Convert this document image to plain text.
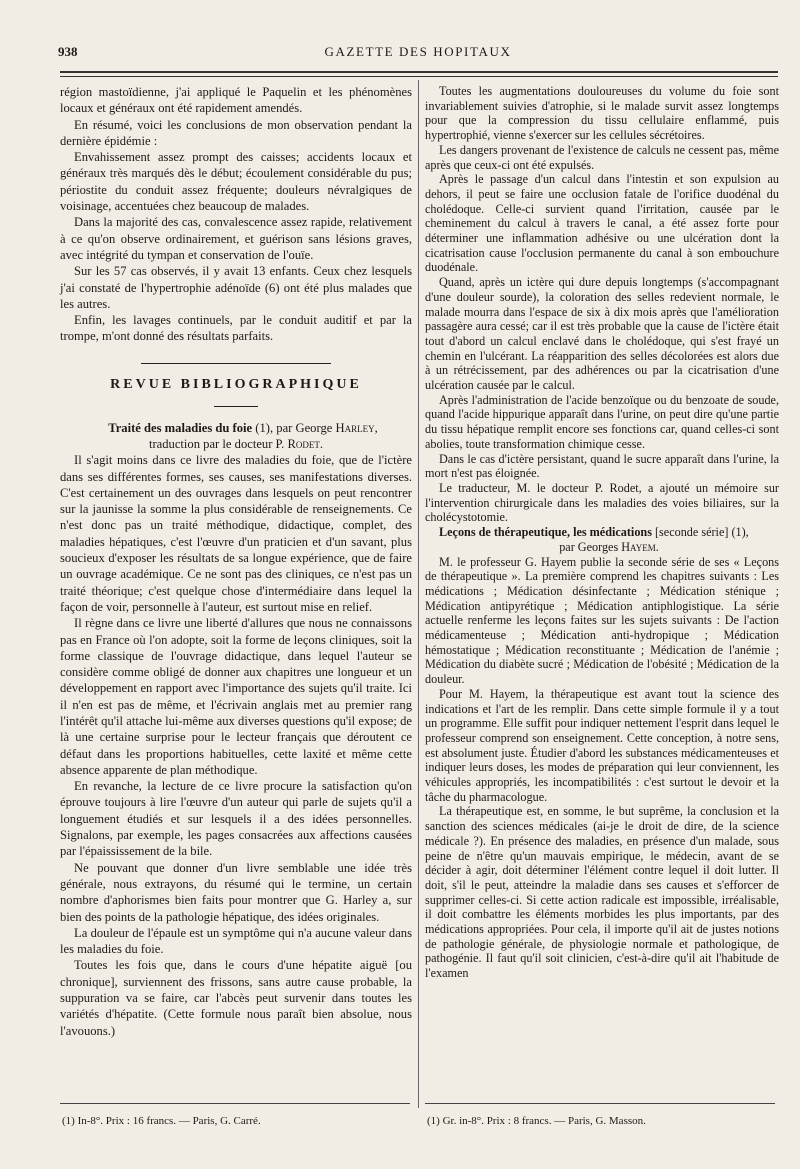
938	GAZETTE DES HOPITAUX

région mastoïdienne, j'ai appliqué le Paquelin et les phénomènes locaux et généraux ont été rapidement amendés.

En résumé, voici les conclusions de mon observation pendant la dernière épidémie :

Envahissement assez prompt des caisses; accidents locaux et généraux très marqués dès le début; écoulement considérable du pus; périostite du conduit assez fréquente; douleurs névralgiques de voisinage, accentuées chez beaucoup de malades.

Dans la majorité des cas, convalescence assez rapide, relativement à ce qu'on observe ordinairement, et guérison sans lésions graves, avec intégrité du tympan et conservation de l'ouïe.

Sur les 57 cas observés, il y avait 13 enfants. Ceux chez lesquels j'ai constaté de l'hypertrophie adénoïde (6) ont été plus malades que les autres.

Enfin, les lavages continuels, par le conduit auditif et par la trompe, m'ont donné des résultats parfaits.

REVUE BIBLIOGRAPHIQUE

Traité des maladies du foie (1), par George Harley,
traduction par le docteur P. Rodet.

Il s'agit moins dans ce livre des maladies du foie, que de l'ictère dans ses différentes formes, ses causes, ses manifestations diverses. C'est certainement un des ouvrages dans lesquels on peut rencontrer sur la jaunisse la somme la plus considérable de renseignements. Ce n'est donc pas un traité méthodique, didactique, complet, des maladies hépatiques, c'est l'œuvre d'un praticien et d'un savant, plus soucieux d'exposer les résultats de sa longue expérience, que de faire un ouvrage académique. Ce ne sont pas des cliniques, ce n'est pas un traité théorique; c'est quelque chose d'intermédiaire dans lequel la façon de voir, personnelle à l'auteur, est surtout mise en relief.

Il règne dans ce livre une liberté d'allures que nous ne connaissons pas en France où l'on adopte, soit la forme de leçons cliniques, soit la forme classique de l'ouvrage didactique, dans lequel l'auteur se considère comme obligé de donner aux chapitres une longueur et un développement en rapport avec l'importance des sujets qu'il traite. Ici il n'en est pas de même, et l'écrivain anglais met au premier rang l'intérêt qu'il attache lui-même aux diverses questions qu'il expose; de là une certaine surprise pour le lecteur français que déroutent ce défaut dans les proportions habituelles, cette laxité et même cette absence apparente de plan méthodique.

En revanche, la lecture de ce livre procure la satisfaction qu'on éprouve toujours à lire l'œuvre d'un auteur qui parle de sujets qu'il a longuement étudiés et sur lesquels il a des idées personnelles. Signalons, par exemple, les pages consacrées aux affections causées par l'épaississement de la bile.

Ne pouvant que donner d'un livre semblable une idée très générale, nous extrayons, du résumé qui le termine, un certain nombre d'aphorismes bien faits pour montrer que G. Harley a, sur bien des points de la pathologie hépatique, des idées originales.

La douleur de l'épaule est un symptôme qui n'a aucune valeur dans les maladies du foie.

Toutes les fois que, dans le cours d'une hépatite aiguë [ou chronique], surviennent des frissons, sans autre cause probable, la suppuration va se faire, car l'abcès peut survenir dans toutes les variétés d'hépatite. (Cette formule nous paraît bien absolue, nous l'avouons.)

Toutes les augmentations douloureuses du volume du foie sont invariablement suivies d'atrophie, si le malade survit assez longtemps pour que la compression du tissu cellulaire enflammé, puis hypertrophié, vienne s'exercer sur les cellules sécrétoires.

Les dangers provenant de l'existence de calculs ne cessent pas, même après que ceux-ci ont été expulsés.

Après le passage d'un calcul dans l'intestin et son expulsion au dehors, il peut se faire une occlusion fatale de l'orifice duodénal du cholédoque. Celle-ci survient quand l'irritation, causée par le cheminement du calcul à travers le canal, a été assez forte pour déterminer une inflammation adhésive ou une ulcération dont la cicatrisation cause l'occlusion permanente du canal à son embouchure duodénale.

Quand, après un ictère qui dure depuis longtemps (s'accompagnant d'une douleur sourde), la coloration des selles redevient normale, le malade mourra dans l'espace de six à dix mois après que l'amélioration passagère aura cessé; car il est très probable que la cause de l'ictère était tout d'abord un calcul enclavé dans le cholédoque, qui s'est frayé un chemin en l'ulcérant. La réapparition des selles décolorées est alors due à un rétrécissement, par des adhérences ou par la cicatrisation d'une ulcération causée par le calcul.

Après l'administration de l'acide benzoïque ou du benzoate de soude, quand l'acide hippurique apparaît dans l'urine, on peut dire qu'une partie du tissu hépatique remplit encore ses fonctions car, quand celles-ci sont abolies, toute transformation chimique cesse.

Dans le cas d'ictère persistant, quand le sucre apparaît dans l'urine, la mort n'est pas éloignée.

Le traducteur, M. le docteur P. Rodet, a ajouté un mémoire sur l'intervention chirurgicale dans les maladies des voies biliaires, sur la cholécystotomie.

Leçons de thérapeutique, les médications [seconde série] (1),
par Georges Hayem.

M. le professeur G. Hayem publie la seconde série de ses « Leçons de thérapeutique ». La première comprend les chapitres suivants : Les médications ; Médication désinfectante ; Médication sténique ; Médication antipyrétique ; Médication antiphlogistique. La série actuelle renferme les leçons faites sur les sujets suivants : De l'action médicamenteuse ; Médication anti-hydropique ; Médication hémostatique ; Médication reconstituante ; Médication de l'anémie ; Médication du diabète sucré ; Médication de l'obésité ; Médication de la douleur.

Pour M. Hayem, la thérapeutique est avant tout la science des indications et l'art de les remplir. Dans cette simple formule il y a tout un programme. Elle suffit pour indiquer nettement l'esprit dans lequel le professeur comprend son enseignement. Cette conception, à notre sens, est absolument juste. Étudier d'abord les substances médicamenteuses et indiquer leurs doses, les modes de préparation qui leur conviennent, les véhicules appropriés, les incompatibilités : c'est surtout le devoir et la tâche du pharmacologue.

La thérapeutique est, en somme, le but suprême, la conclusion et la sanction des sciences médicales (ai-je le droit de dire, de la science médicale ?). En présence des maladies, en présence d'un malade, sous peine de n'être qu'un mauvais empirique, le médecin, avant de se décider à agir, doit déterminer l'élément contre lequel il doit lutter. Il doit, s'il le peut, atteindre la maladie dans ses causes et s'efforcer de supprimer celles-ci. Si cette action radicale est impossible, irréalisable, il doit combattre les éléments morbides les plus importants, par des médications appropriées. Pour cela, il importe qu'il ait de justes notions de pathologie générale, de physiologie normale et pathologique, de pathogénie. Il faut qu'il soit clinicien, c'est-à-dire qu'il ait l'habitude de l'examen

(1) In-8°. Prix : 16 francs. — Paris, G. Carré.	(1) Gr. in-8°. Prix : 8 francs. — Paris, G. Masson.
